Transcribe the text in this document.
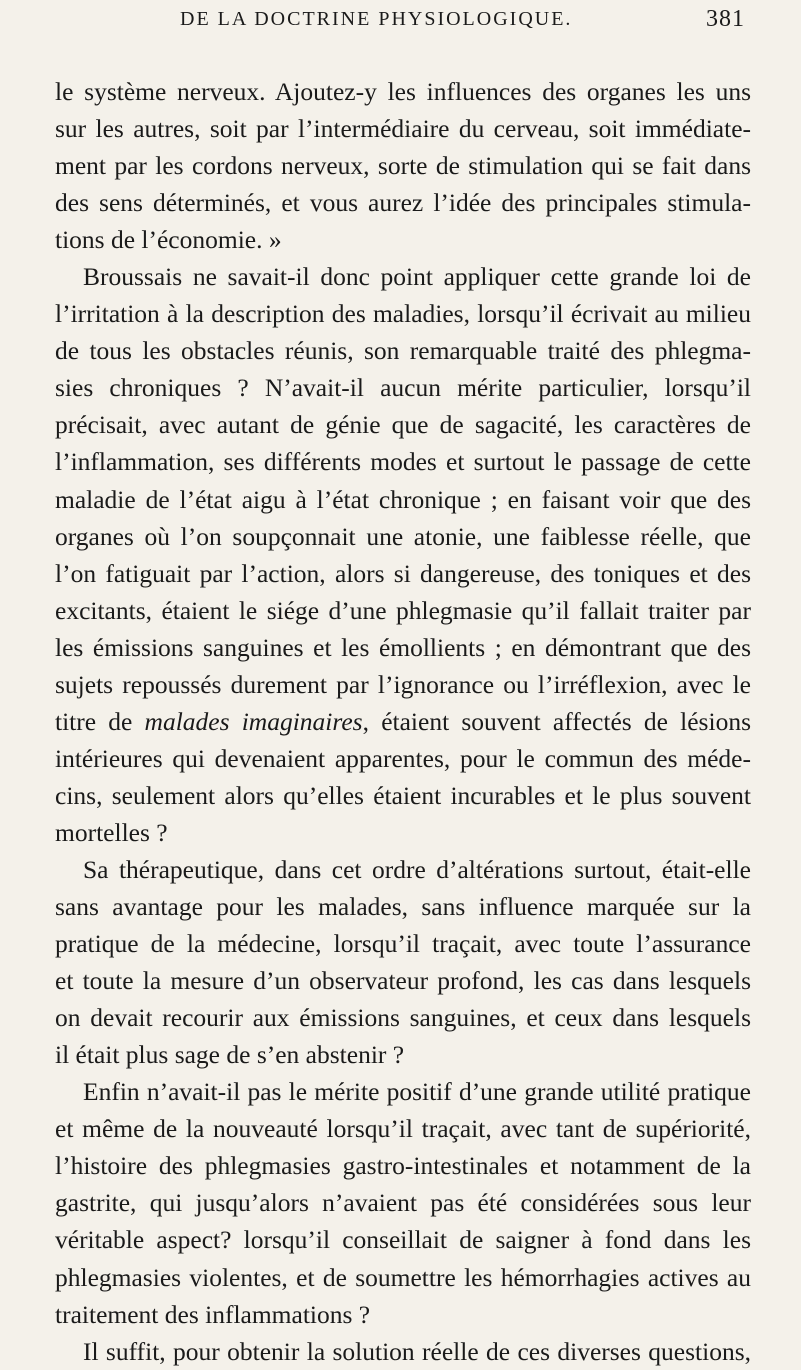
DE LA DOCTRINE PHYSIOLOGIQUE.	381
le système nerveux. Ajoutez-y les influences des organes les uns
sur les autres, soit par l’intermédiaire du cerveau, soit immédiate-
ment par les cordons nerveux, sorte de stimulation qui se fait dans
des sens déterminés, et vous aurez l’idée des principales stimula-
tions de l’économie. »
Broussais ne savait-il donc point appliquer cette grande loi de
l’irritation à la description des maladies, lorsqu’il écrivait au milieu
de tous les obstacles réunis, son remarquable traité des phlegma-
sies chroniques ? N’avait-il aucun mérite particulier, lorsqu’il
précisait, avec autant de génie que de sagacité, les caractères de
l’inflammation, ses différents modes et surtout le passage de cette
maladie de l’état aigu à l’état chronique ; en faisant voir que des
organes où l’on soupçonnait une atonie, une faiblesse réelle, que
l’on fatiguait par l’action, alors si dangereuse, des toniques et des
excitants, étaient le siége d’une phlegmasie qu’il fallait traiter par
les émissions sanguines et les émollients ; en démontrant que des
sujets repoussés durement par l’ignorance ou l’irréflexion, avec le
titre de malades imaginaires, étaient souvent affectés de lésions
intérieures qui devenaient apparentes, pour le commun des méde-
cins, seulement alors qu’elles étaient incurables et le plus souvent
mortelles ?
Sa thérapeutique, dans cet ordre d’altérations surtout, était-elle
sans avantage pour les malades, sans influence marquée sur la
pratique de la médecine, lorsqu’il traçait, avec toute l’assurance
et toute la mesure d’un observateur profond, les cas dans lesquels
on devait recourir aux émissions sanguines, et ceux dans lesquels
il était plus sage de s’en abstenir ?
Enfin n’avait-il pas le mérite positif d’une grande utilité pratique
et même de la nouveauté lorsqu’il traçait, avec tant de supériorité,
l’histoire des phlegmasies gastro-intestinales et notamment de la
gastrite, qui jusqu’alors n’avaient pas été considérées sous leur
véritable aspect? lorsqu’il conseillait de saigner à fond dans les
phlegmasies violentes, et de soumettre les hémorrhagies actives au
traitement des inflammations ?
Il suffit, pour obtenir la solution réelle de ces diverses questions,
